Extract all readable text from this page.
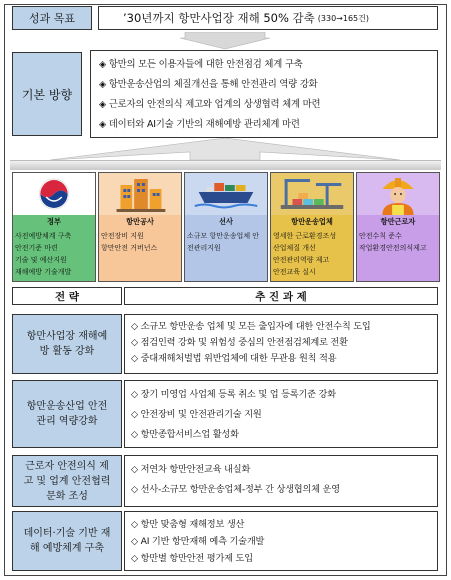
성과 목표	’30년까지 항만사업장 재해 50% 감축 (330→165건)
기본 방향
◈ 항만의 모든 이용자들에 대한 안전점검 체계 구축
◈ 항만운송산업의 체질개선을 통해 안전관리 역량 강화
◈ 근로자의 안전의식 제고와 업계의 상생협력 체계 마련
◈ 데이터와 AI기술 기반의 재해예방 관리체계 마련
정부
사전예방체계 구축
안전기준 마련
기술 및 예산지원
재해예방 기술개발
항만공사
안전장비 지원
항만안전 거버넌스
선사
소규모 항만운송업체 안
전관리지원
항만운송업체
영세한 근로환경조성
산업체질 개선
안전관리역량 제고
안전교육 실시
항만근로자
안전수칙 준수
작업환경안전의식제고
전 략	추 진 과 제
항만사업장 재해예
방 활동 강화
◇ 소규모 항만운송 업체 및 모든 출입자에 대한 안전수칙 도입
◇ 점검인력 강화 및 위험성 중심의 안전점검체계로 전환
◇ 중대재해처벌법 위반업체에 대한 무관용 원칙 적용
항만운송산업 안전
관리 역량강화
◇ 장기 미영업 사업체 등록 취소 및 업 등록기준 강화
◇ 안전장비 및 안전관리기술 지원
◇ 항만종합서비스업 활성화
근로자 안전의식 제
고 및 업계 안전협력
문화 조성
◇ 저연차 항만안전교육 내실화
◇ 선사-소규모 항만운송업체-정부 간 상생협의체 운영
데이터·기술 기반 재
해 예방체계 구축
◇ 항만 맞춤형 재해정보 생산
◇ AI 기반 항만재해 예측 기술개발
◇ 항만별 항만안전 평가제 도입
